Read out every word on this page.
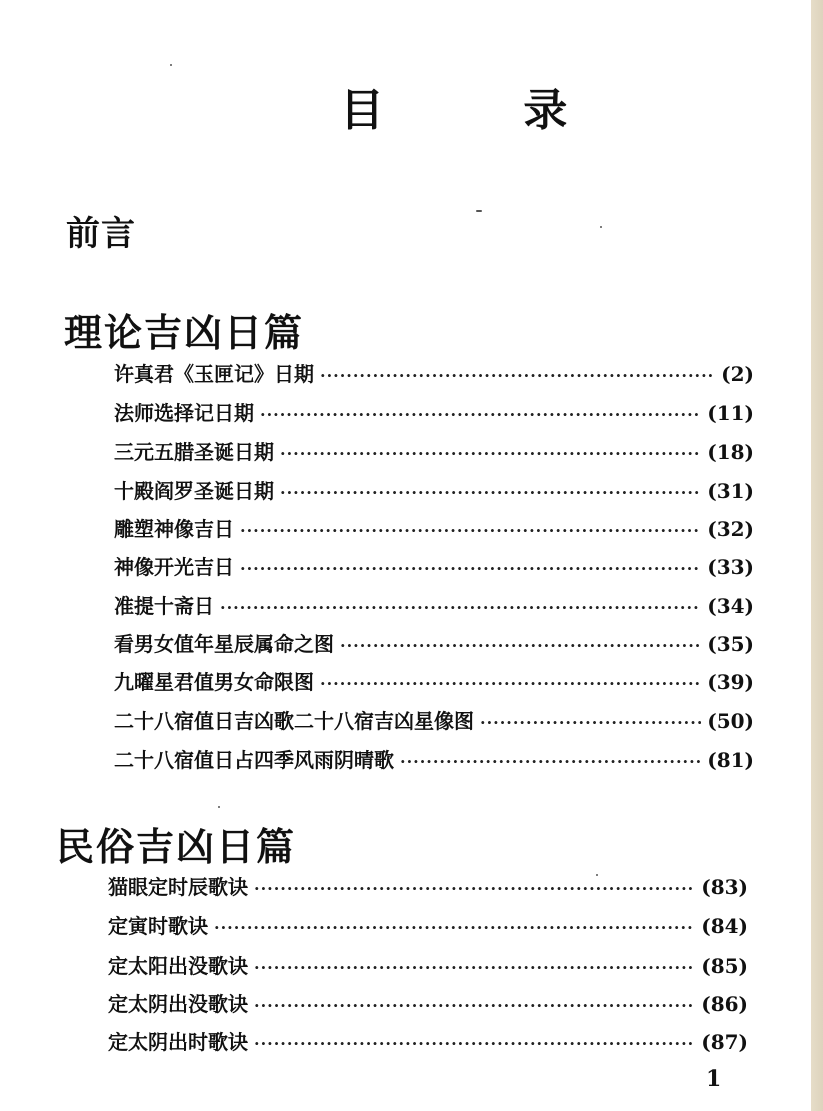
目 录
前言
理论吉凶日篇
许真君《玉匣记》日期 ·····	(2)
法师选择记日期 ·····	(11)
三元五腊圣诞日期 ·····	(18)
十殿阎罗圣诞日期 ·····	(31)
雕塑神像吉日 ·····	(32)
神像开光吉日 ·····	(33)
准提十斋日 ·····	(34)
看男女值年星辰属命之图 ·····	(35)
九曜星君值男女命限图 ·····	(39)
二十八宿值日吉凶歌二十八宿吉凶星像图 ·····	(50)
二十八宿值日占四季风雨阴晴歌 ·····	(81)
民俗吉凶日篇
猫眼定时辰歌诀 ·····	(83)
定寅时歌诀 ·····	(84)
定太阳出没歌诀 ·····	(85)
定太阴出没歌诀 ·····	(86)
定太阴出时歌诀 ·····	(87)
1
